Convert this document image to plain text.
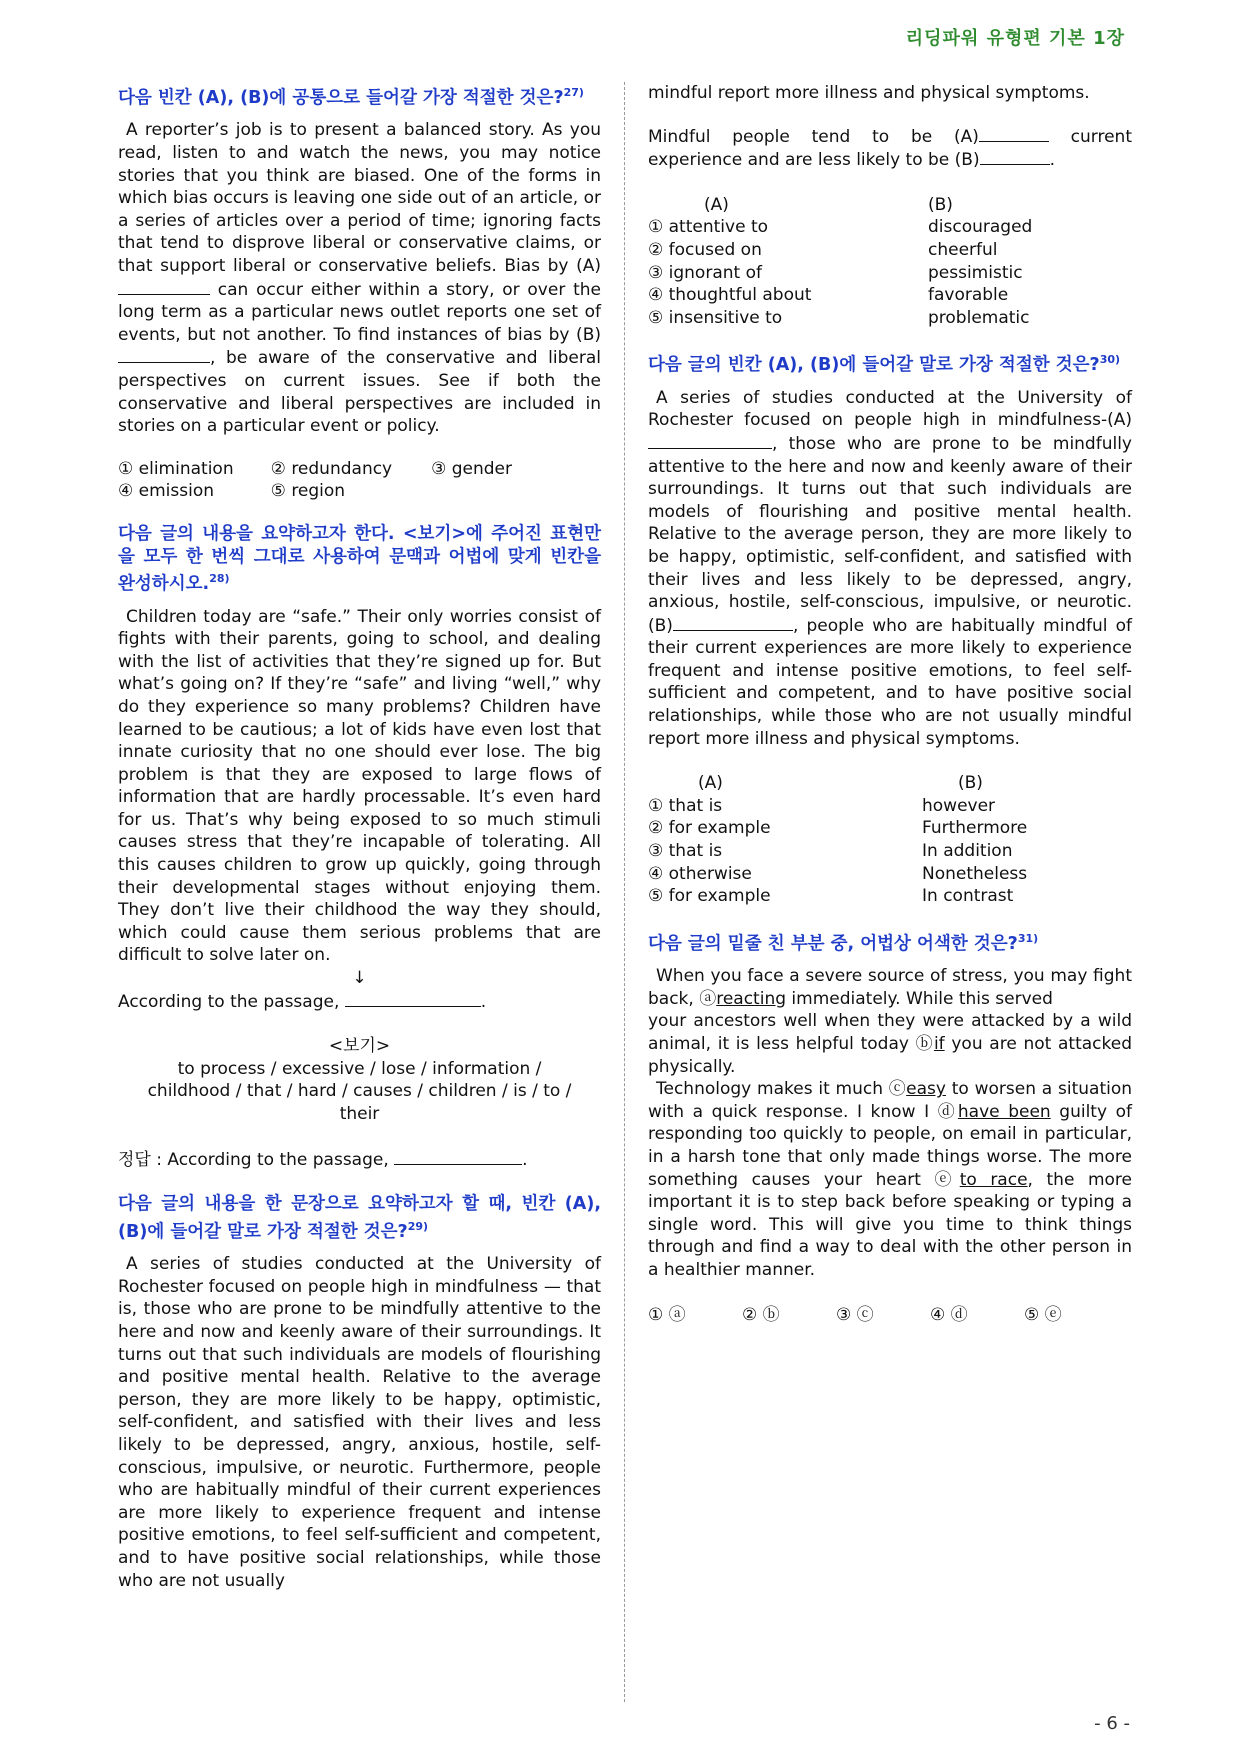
리딩파워 유형편 기본 1장

다음 빈칸 (A), (B)에 공통으로 들어갈 가장 적절한 것은?$^{27)}$

A reporter’s job is to present a balanced story. As you read, listen to and watch the news, you may notice stories that you think are biased. One of the forms in which bias occurs is leaving one side out of an article, or a series of articles over a period of time; ignoring facts that tend to disprove liberal or conservative claims, or that support liberal or conservative beliefs. Bias by (A) can occur either within a story, or over the long term as a particular news outlet reports one set of events, but not another. To find instances of bias by (B), be aware of the conservative and liberal perspectives on current issues. See if both the conservative and liberal perspectives are included in stories on a particular event or policy.

① elimination	② redundancy	③ gender
④ emission	⑤ region	

다음 글의 내용을 요약하고자 한다. <보기>에 주어진 표현만을 모두 한 번씩 그대로 사용하여 문맥과 어법에 맞게 빈칸을 완성하시오.$^{28)}$

Children today are “safe.” Their only worries consist of fights with their parents, going to school, and dealing with the list of activities that they’re signed up for. But what’s going on? If they’re “safe” and living “well,” why do they experience so many problems? Children have learned to be cautious; a lot of kids have even lost that innate curiosity that no one should ever lose. The big problem is that they are exposed to large flows of information that are hardly processable. It’s even hard for us. That’s why being exposed to so much stimuli causes stress that they’re incapable of tolerating. All this causes children to grow up quickly, going through their developmental stages without enjoying them. They don’t live their childhood the way they should, which could cause them serious problems that are difficult to solve later on.

↓

According to the passage,	.

<보기>
to process / excessive / lose / information / childhood / that / hard / causes / children / is / to / their

정답 : According to the passage,	.

다음 글의 내용을 한 문장으로 요약하고자 할 때, 빈칸 (A), (B)에 들어갈 말로 가장 적절한 것은?$^{29)}$

A series of studies conducted at the University of Rochester focused on people high in mindfulness — that is, those who are prone to be mindfully attentive to the here and now and keenly aware of their surroundings. It turns out that such individuals are models of flourishing and positive mental health. Relative to the average person, they are more likely to be happy, optimistic, self-confident, and satisfied with their lives and less likely to be depressed, angry, anxious, hostile, self- conscious, impulsive, or neurotic. Furthermore, people who are habitually mindful of their current experiences are more likely to experience frequent and intense positive emotions, to feel self-sufficient and competent, and to have positive social relationships, while those who are not usually

mindful report more illness and physical symptoms.

Mindful people tend to be (A)	current experience and are less likely to be (B)	.

(A)	(B)
① attentive to	discouraged
② focused on	cheerful
③ ignorant of	pessimistic
④ thoughtful about	favorable
⑤ insensitive to	problematic

다음 글의 빈칸 (A), (B)에 들어갈 말로 가장 적절한 것은?$^{30)}$

A series of studies conducted at the University of Rochester focused on people high in mindfulness-(A), those who are prone to be mindfully attentive to the here and now and keenly aware of their surroundings. It turns out that such individuals are models of flourishing and positive mental health. Relative to the average person, they are more likely to be happy, optimistic, self-confident, and satisfied with their lives and less likely to be depressed, angry, anxious, hostile, self-conscious, impulsive, or neurotic. (B)	, people who are habitually mindful of their current experiences are more likely to experience frequent and intense positive emotions, to feel self-sufficient and competent, and to have positive social relationships, while those who are not usually mindful report more illness and physical symptoms.

(A)	(B)
① that is	however
② for example	Furthermore
③ that is	In addition
④ otherwise	Nonetheless
⑤ for example	In contrast

다음 글의 밑줄 친 부분 중, 어법상 어색한 것은?$^{31)}$

When you face a severe source of stress, you may fight back, ⓐreacting immediately. While this served

your ancestors well when they were attacked by a wild animal, it is less helpful today ⓑif you are not attacked physically.

Technology makes it much ⓒeasy to worsen a situation with a quick response. I know I ⓓhave been guilty of responding too quickly to people, on email in particular, in a harsh tone that only made things worse. The more something causes your heart ⓔto race, the more important it is to step back before speaking or typing a single word. This will give you time to think things through and find a way to deal with the other person in a healthier manner.

① ⓐ	② ⓑ	③ ⓒ	④ ⓓ	⑤ ⓔ
- 6 -
